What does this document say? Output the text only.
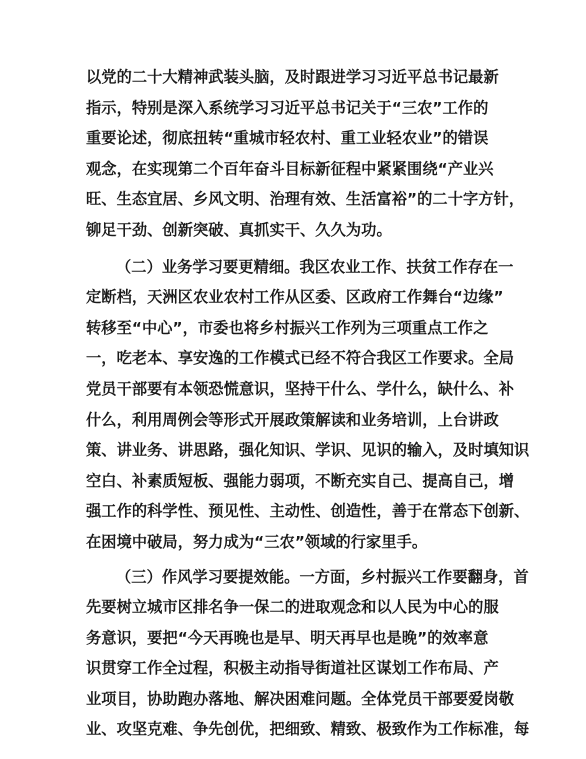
以党的二十大精神武装头脑，及时跟进学习习近平总书记最新
指示，特别是深入系统学习习近平总书记关于“三农”工作的
重要论述，彻底扭转“重城市轻农村、重工业轻农业”的错误
观念，在实现第二个百年奋斗目标新征程中紧紧围绕“产业兴
旺、生态宜居、乡风文明、治理有效、生活富裕”的二十字方针，
铆足干劲、创新突破、真抓实干、久久为功。
（二）业务学习要更精细。我区农业工作、扶贫工作存在一
定断档，天洲区农业农村工作从区委、区政府工作舞台“边缘”
转移至“中心”，市委也将乡村振兴工作列为三项重点工作之
一，吃老本、享安逸的工作模式已经不符合我区工作要求。全局
党员干部要有本领恐慌意识，坚持干什么、学什么，缺什么、补
什么，利用周例会等形式开展政策解读和业务培训，上台讲政
策、讲业务、讲思路，强化知识、学识、见识的输入，及时填知识
空白、补素质短板、强能力弱项，不断充实自己、提高自己，增
强工作的科学性、预见性、主动性、创造性，善于在常态下创新、
在困境中破局，努力成为“三农”领域的行家里手。
（三）作风学习要提效能。一方面，乡村振兴工作要翻身，首
先要树立城市区排名争一保二的进取观念和以人民为中心的服
务意识，要把“今天再晚也是早、明天再早也是晚”的效率意
识贯穿工作全过程，积极主动指导街道社区谋划工作布局、产
业项目，协助跑办落地、解决困难问题。全体党员干部要爱岗敬
业、攻坚克难、争先创优，把细致、精致、极致作为工作标准，每
